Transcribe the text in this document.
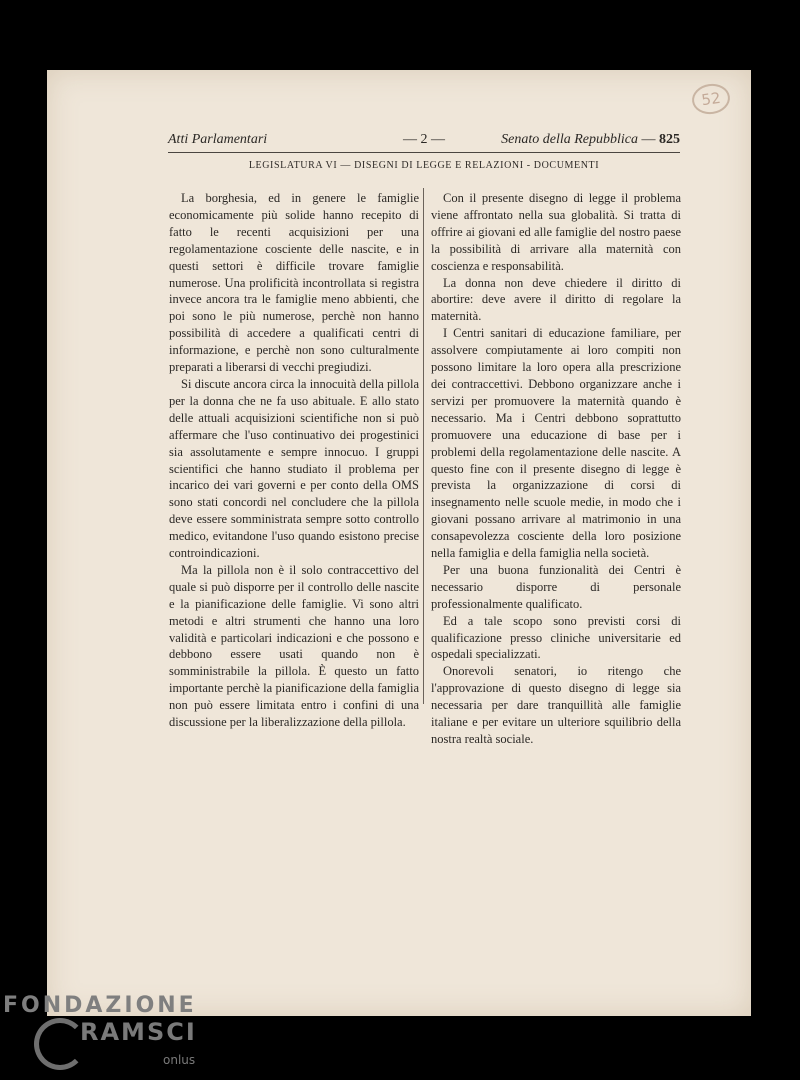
52
Atti Parlamentari	— 2 —	Senato della Repubblica — 825
LEGISLATURA VI — DISEGNI DI LEGGE E RELAZIONI - DOCUMENTI

La borghesia, ed in genere le famiglie economicamente più solide hanno recepito di fatto le recenti acquisizioni per una regolamentazione cosciente delle nascite, e in questi settori è difficile trovare famiglie numerose. Una prolificità incontrollata si registra invece ancora tra le famiglie meno abbienti, che poi sono le più numerose, perchè non hanno possibilità di accedere a qualificati centri di informazione, e perchè non sono culturalmente preparati a liberarsi di vecchi pregiudizi.

Si discute ancora circa la innocuità della pillola per la donna che ne fa uso abituale. E allo stato delle attuali acquisizioni scientifiche non si può affermare che l'uso continuativo dei progestinici sia assolutamente e sempre innocuo. I gruppi scientifici che hanno studiato il problema per incarico dei vari governi e per conto della OMS sono stati concordi nel concludere che la pillola deve essere somministrata sempre sotto controllo medico, evitandone l'uso quando esistono precise controindicazioni.

Ma la pillola non è il solo contraccettivo del quale si può disporre per il controllo delle nascite e la pianificazione delle famiglie. Vi sono altri metodi e altri strumenti che hanno una loro validità e particolari indicazioni e che possono e debbono essere usati quando non è somministrabile la pillola. È questo un fatto importante perchè la pianificazione della famiglia non può essere limitata entro i confini di una discussione per la liberalizzazione della pillola.

Con il presente disegno di legge il problema viene affrontato nella sua globalità. Si tratta di offrire ai giovani ed alle famiglie del nostro paese la possibilità di arrivare alla maternità con coscienza e responsabilità.

La donna non deve chiedere il diritto di abortire: deve avere il diritto di regolare la maternità.

I Centri sanitari di educazione familiare, per assolvere compiutamente ai loro compiti non possono limitare la loro opera alla prescrizione dei contraccettivi. Debbono organizzare anche i servizi per promuovere la maternità quando è necessario. Ma i Centri debbono soprattutto promuovere una educazione di base per i problemi della regolamentazione delle nascite. A questo fine con il presente disegno di legge è prevista la organizzazione di corsi di insegnamento nelle scuole medie, in modo che i giovani possano arrivare al matrimonio in una consapevolezza cosciente della loro posizione nella famiglia e della famiglia nella società.

Per una buona funzionalità dei Centri è necessario disporre di personale professionalmente qualificato.

Ed a tale scopo sono previsti corsi di qualificazione presso cliniche universitarie ed ospedali specializzati.

Onorevoli senatori, io ritengo che l'approvazione di questo disegno di legge sia necessaria per dare tranquillità alle famiglie italiane e per evitare un ulteriore squilibrio della nostra realtà sociale.

FONDAZIONE
RAMSCI
onlus
